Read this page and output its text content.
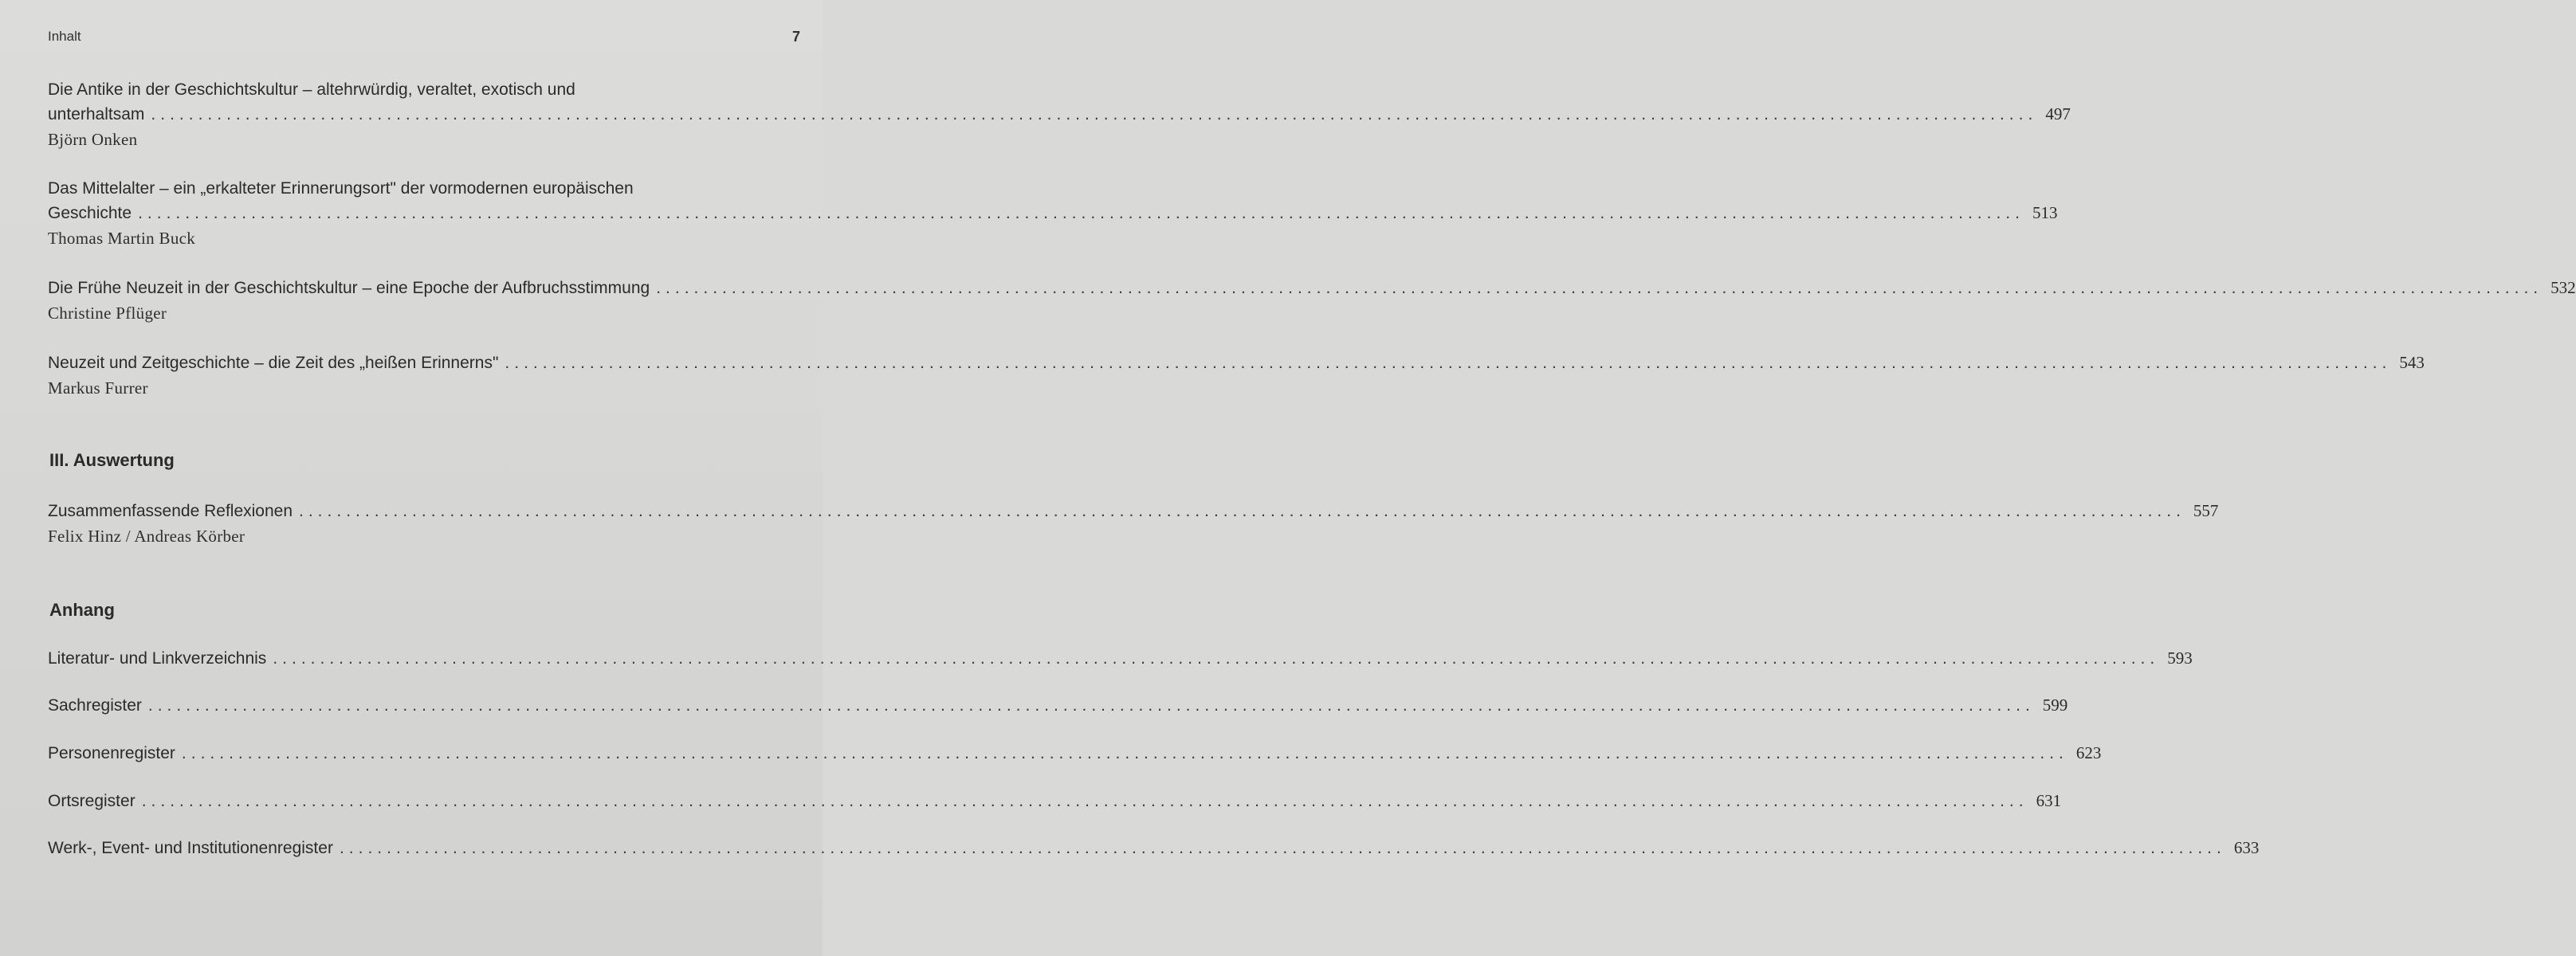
Inhalt	7
Die Antike in der Geschichtskultur – altehrwürdig, veraltet, exotisch und
unterhaltsam ........................................................................................................................................................................................................ 497
Björn Onken
Das Mittelalter – ein „erkalteter Erinnerungsort" der vormodernen europäischen
Geschichte ........................................................................................................................................................................................................ 513
Thomas Martin Buck
Die Frühe Neuzeit in der Geschichtskultur – eine Epoche der Aufbruchsstimmung ........................................................................................................................................................................................................ 532
Christine Pflüger
Neuzeit und Zeitgeschichte – die Zeit des „heißen Erinnerns" ........................................................................................................................................................................................................ 543
Markus Furrer
III. Auswertung
Zusammenfassende Reflexionen ........................................................................................................................................................................................................ 557
Felix Hinz / Andreas Körber
Anhang
Literatur- und Linkverzeichnis ........................................................................................................................................................................................................ 593
Sachregister ........................................................................................................................................................................................................ 599
Personenregister ........................................................................................................................................................................................................ 623
Ortsregister ........................................................................................................................................................................................................ 631
Werk-, Event- und Institutionenregister ........................................................................................................................................................................................................ 633
